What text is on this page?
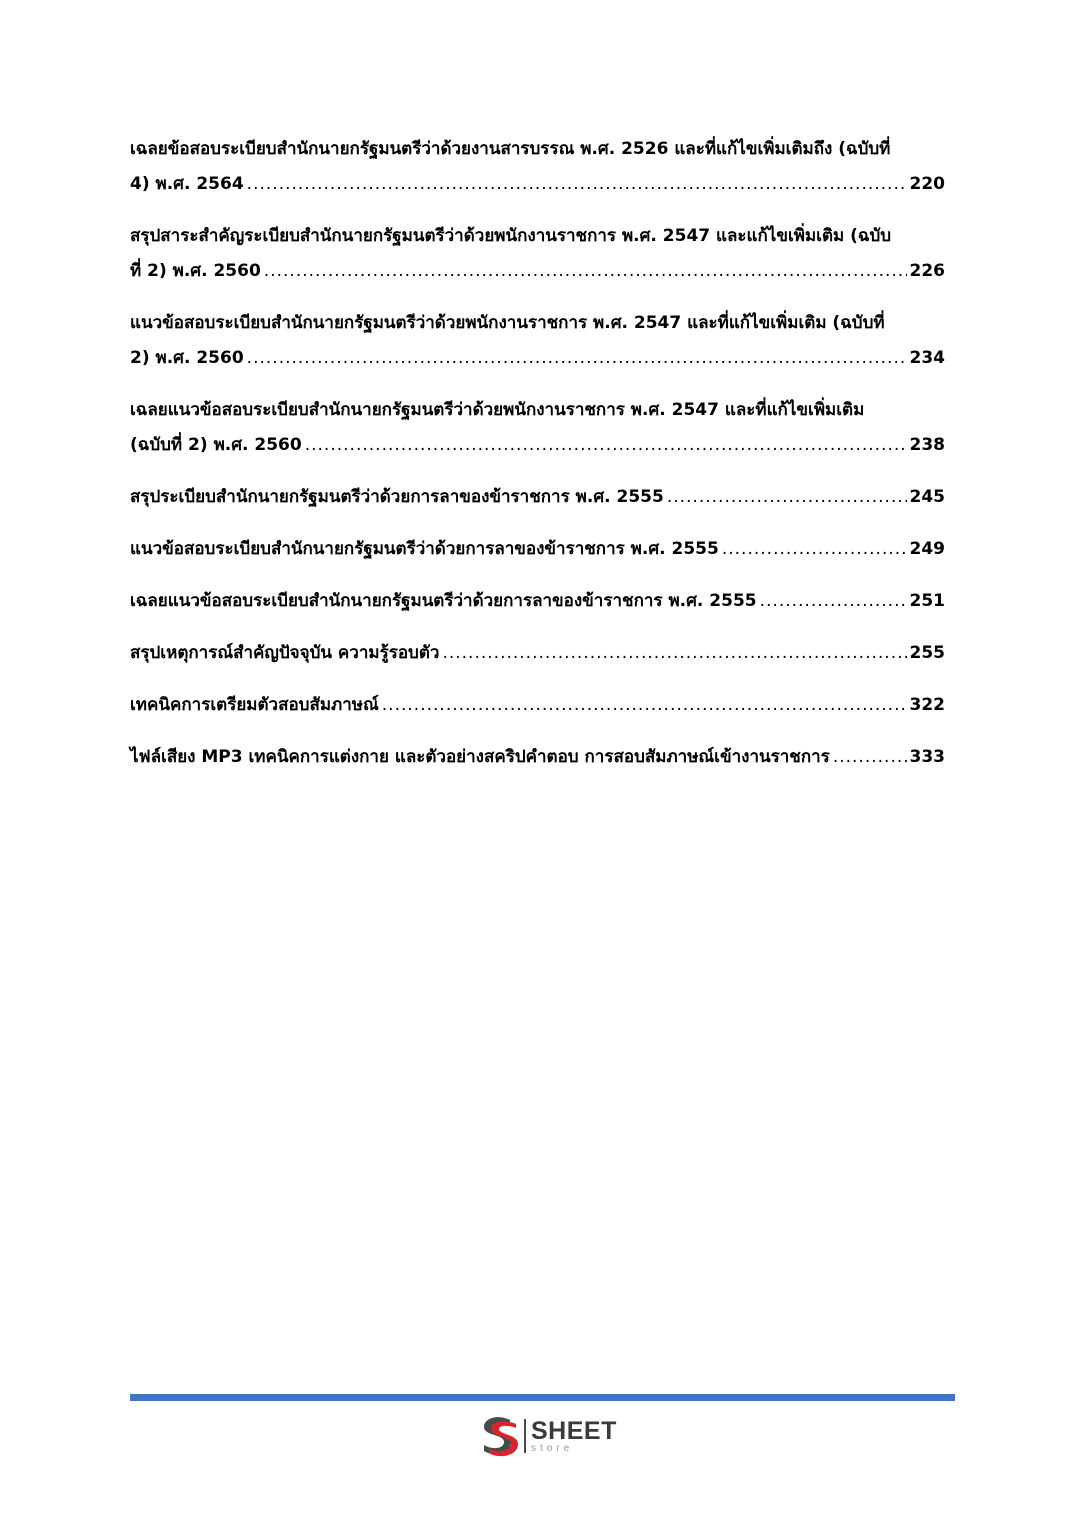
เฉลยข้อสอบระเบียบสำนักนายกรัฐมนตรีว่าด้วยงานสารบรรณ พ.ศ. 2526 และที่แก้ไขเพิ่มเติมถึง (ฉบับที่
4) พ.ศ. 2564 .....	220
สรุปสาระสำคัญระเบียบสำนักนายกรัฐมนตรีว่าด้วยพนักงานราชการ พ.ศ. 2547 และแก้ไขเพิ่มเติม (ฉบับ
ที่ 2) พ.ศ. 2560 .....	226
แนวข้อสอบระเบียบสำนักนายกรัฐมนตรีว่าด้วยพนักงานราชการ พ.ศ. 2547 และที่แก้ไขเพิ่มเติม (ฉบับที่
2) พ.ศ. 2560 .....	234
เฉลยแนวข้อสอบระเบียบสำนักนายกรัฐมนตรีว่าด้วยพนักงานราชการ พ.ศ. 2547 และที่แก้ไขเพิ่มเติม
(ฉบับที่ 2) พ.ศ. 2560 .....	238
สรุประเบียบสำนักนายกรัฐมนตรีว่าด้วยการลาของข้าราชการ พ.ศ. 2555 .....	245
แนวข้อสอบระเบียบสำนักนายกรัฐมนตรีว่าด้วยการลาของข้าราชการ พ.ศ. 2555 .....	249
เฉลยแนวข้อสอบระเบียบสำนักนายกรัฐมนตรีว่าด้วยการลาของข้าราชการ พ.ศ. 2555 .....	251
สรุปเหตุการณ์สำคัญปัจจุบัน ความรู้รอบตัว .....	255
เทคนิคการเตรียมตัวสอบสัมภาษณ์ .....	322
ไฟล์เสียง MP3 เทคนิคการแต่งกาย และตัวอย่างสคริปคำตอบ การสอบสัมภาษณ์เข้างานราชการ .....	333
SHEET
store
